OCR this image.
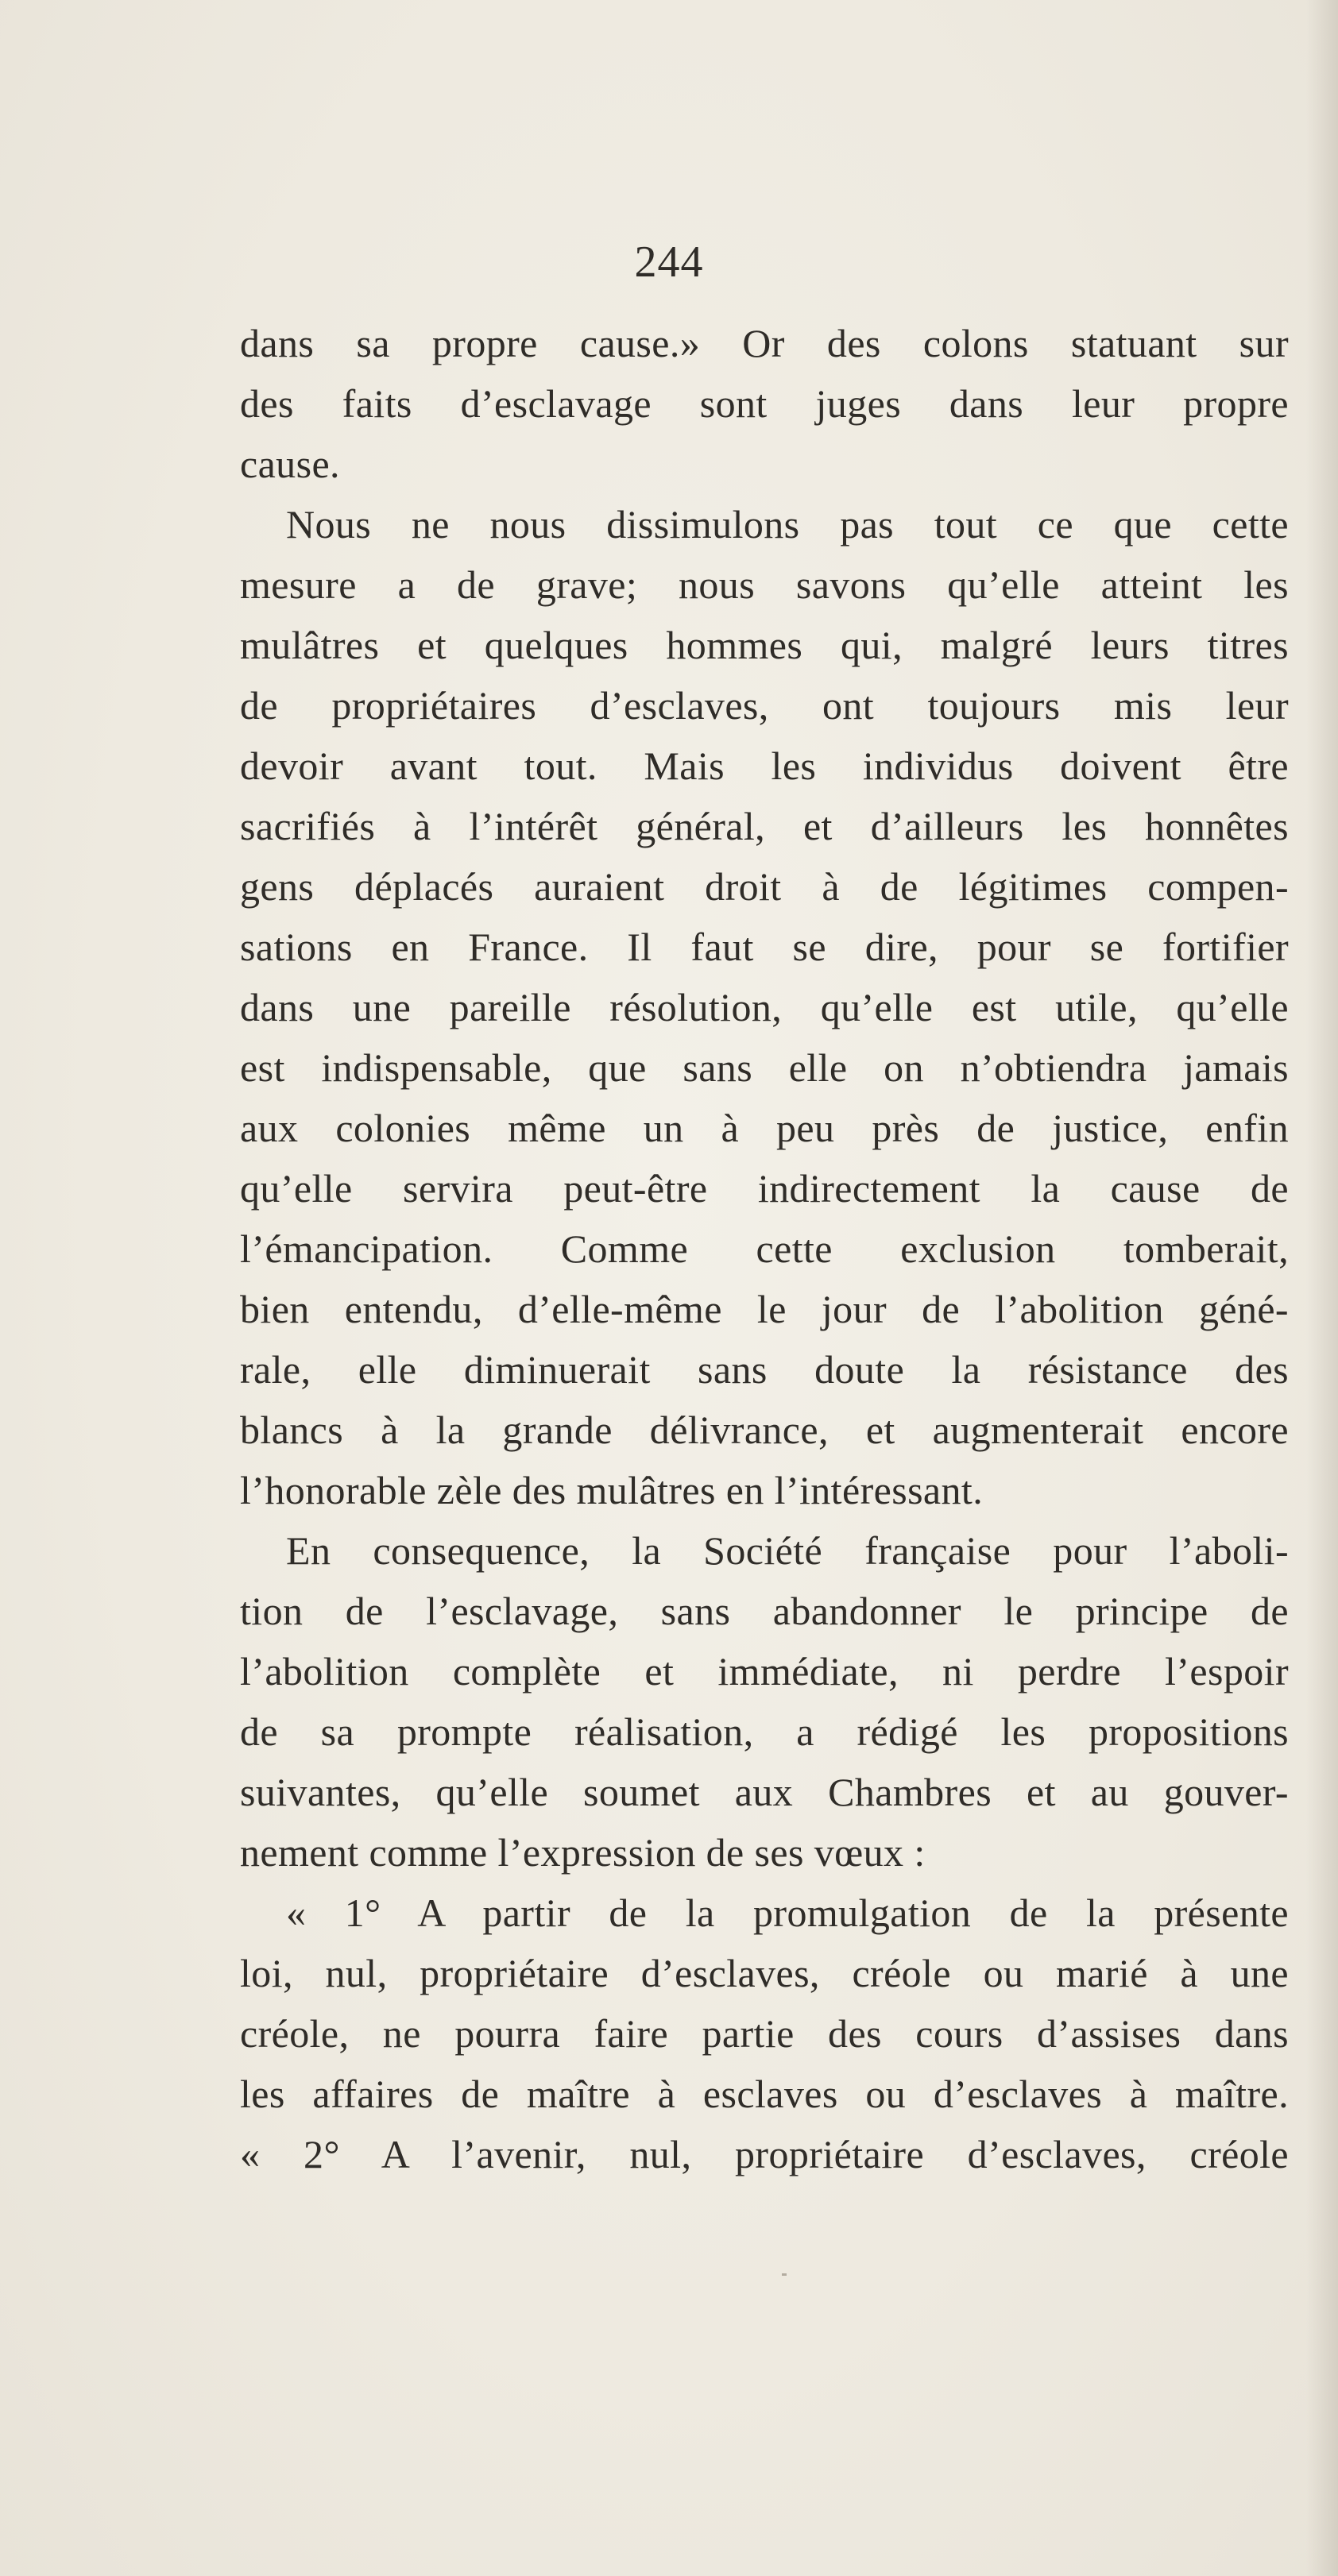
244
dans sa propre cause.» Or des colons statuant sur
des faits d’esclavage sont juges dans leur propre
cause.
Nous ne nous dissimulons pas tout ce que cette
mesure a de grave; nous savons qu’elle atteint les
mulâtres et quelques hommes qui, malgré leurs titres
de propriétaires d’esclaves, ont toujours mis leur
devoir avant tout. Mais les individus doivent être
sacrifiés à l’intérêt général, et d’ailleurs les honnêtes
gens déplacés auraient droit à de légitimes compen-
sations en France. Il faut se dire, pour se fortifier
dans une pareille résolution, qu’elle est utile, qu’elle
est indispensable, que sans elle on n’obtiendra jamais
aux colonies même un à peu près de justice, enfin
qu’elle servira peut-être indirectement la cause de
l’émancipation. Comme cette exclusion tomberait,
bien entendu, d’elle-même le jour de l’abolition géné-
rale, elle diminuerait sans doute la résistance des
blancs à la grande délivrance, et augmenterait encore
l’honorable zèle des mulâtres en l’intéressant.
En consequence, la Société française pour l’aboli-
tion de l’esclavage, sans abandonner le principe de
l’abolition complète et immédiate, ni perdre l’espoir
de sa prompte réalisation, a rédigé les propositions
suivantes, qu’elle soumet aux Chambres et au gouver-
nement comme l’expression de ses vœux :
« 1° A partir de la promulgation de la présente
loi, nul, propriétaire d’esclaves, créole ou marié à une
créole, ne pourra faire partie des cours d’assises dans
les affaires de maître à esclaves ou d’esclaves à maître.
« 2° A l’avenir, nul, propriétaire d’esclaves, créole
